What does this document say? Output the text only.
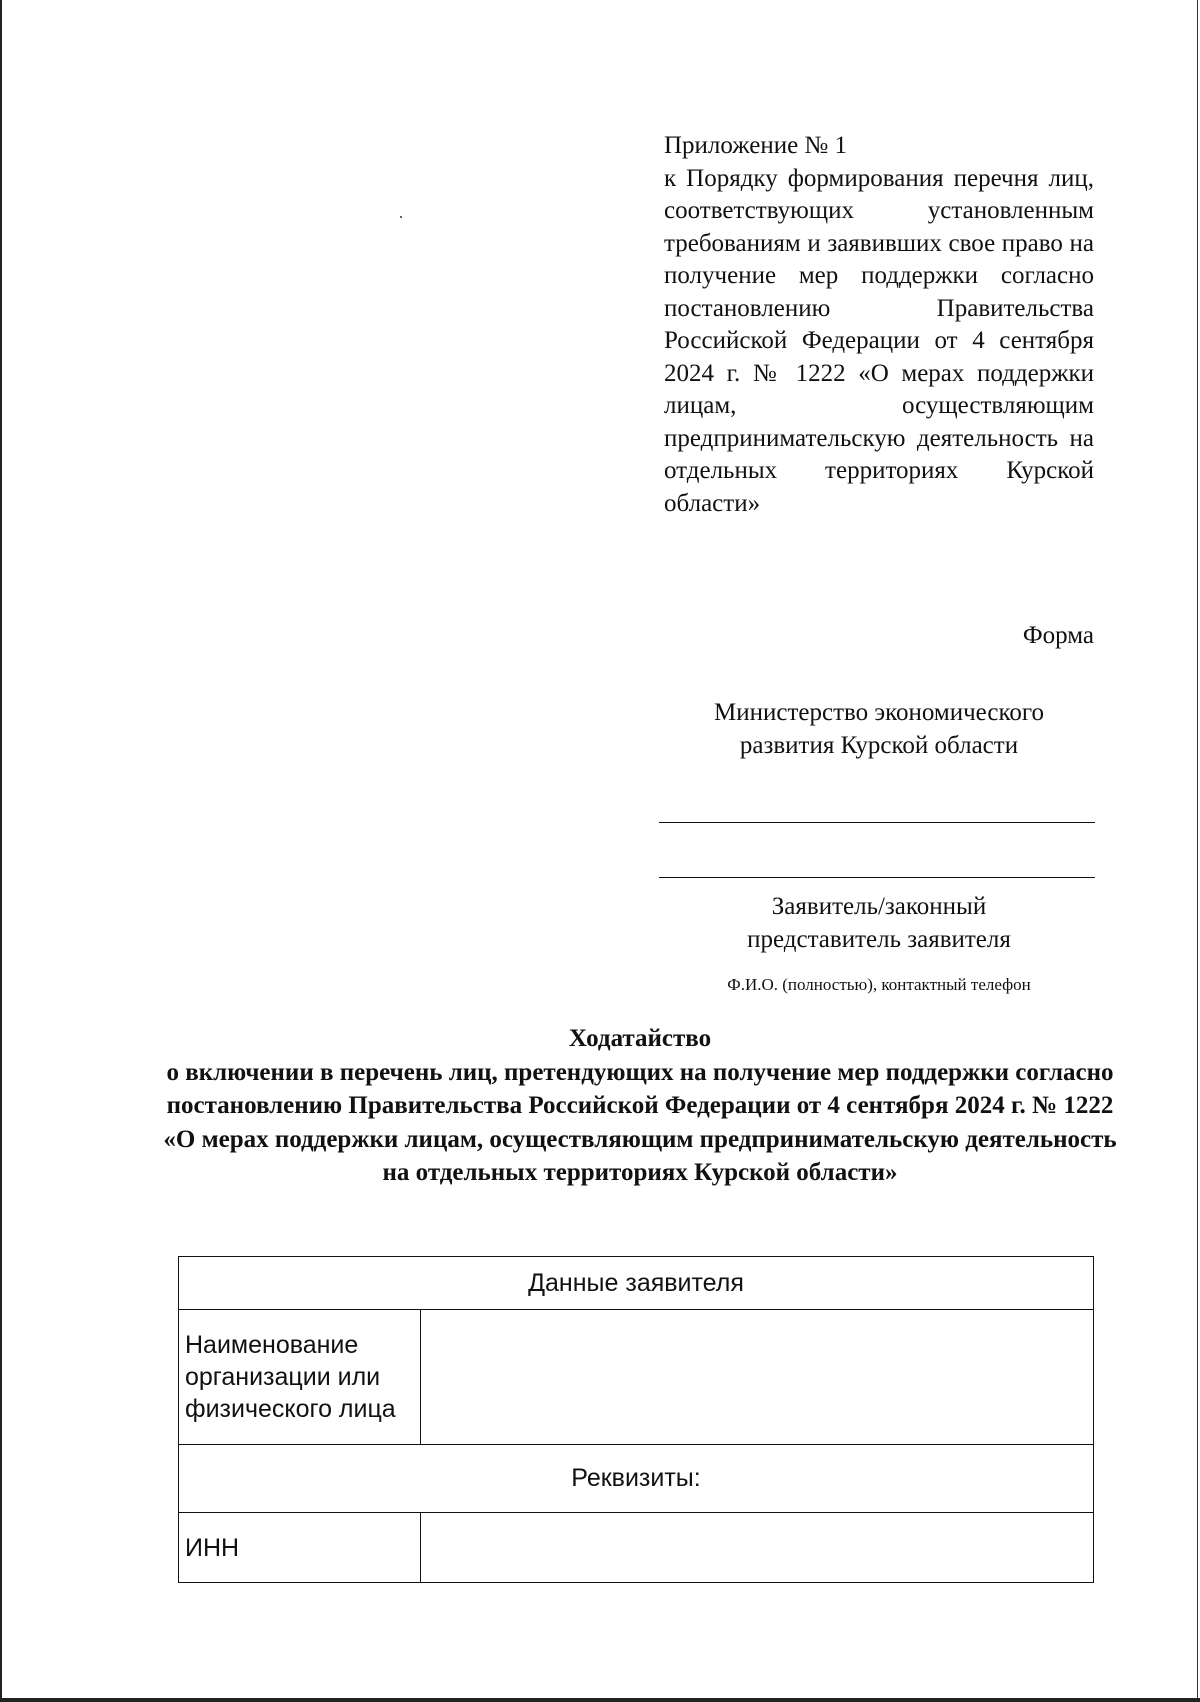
Приложение № 1
к Порядку формирования перечня лиц, соответствующих установленным требованиям и заявивших свое право на получение мер поддержки согласно постановлению Правительства Российской Федерации от 4 сентября 2024 г. № 1222 «О мерах поддержки лицам, осуществляющим предпринимательскую деятельность на отдельных территориях Курской области»
Форма
Министерство экономического
развития Курской области
Заявитель/законный
представитель заявителя
Ф.И.О. (полностью), контактный телефон
Ходатайство
о включении в перечень лиц, претендующих на получение мер поддержки согласно постановлению Правительства Российской Федерации от 4 сентября 2024 г. № 1222 «О мерах поддержки лицам, осуществляющим предпринимательскую деятельность на отдельных территориях Курской области»
Данные заявителя	
Наименование организации или физического лица	
Реквизиты:	
ИНН	
